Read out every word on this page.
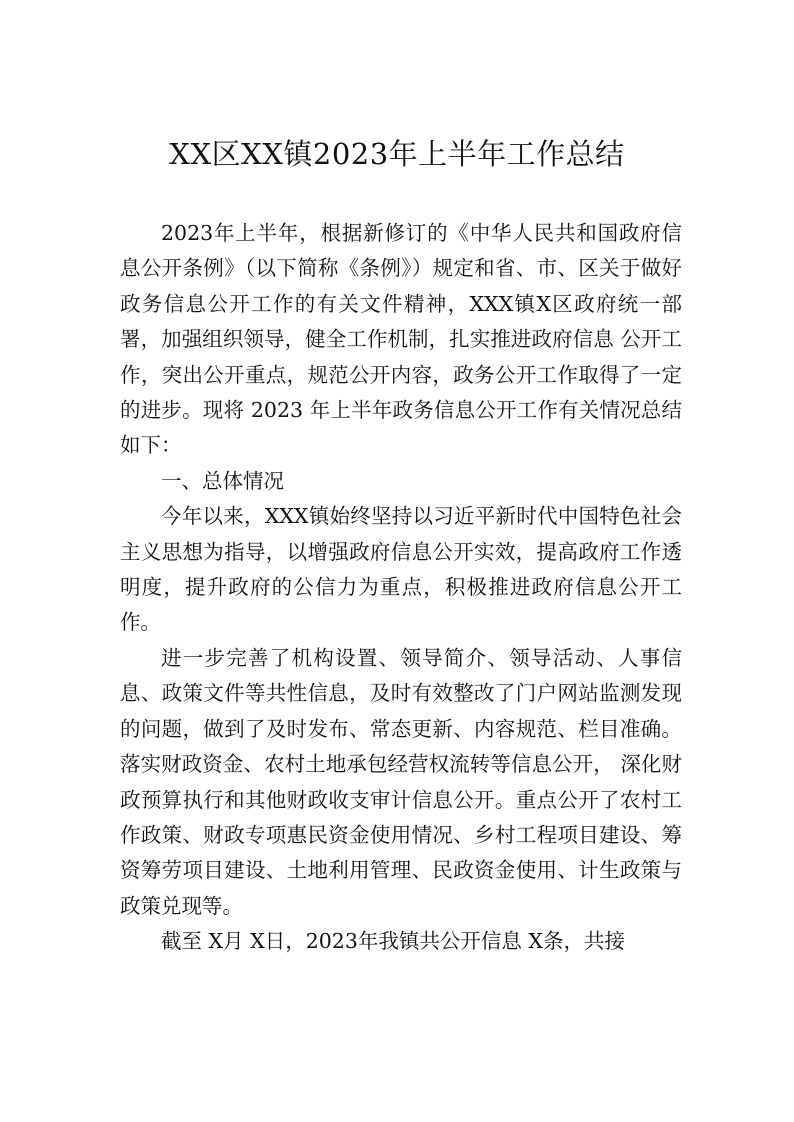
XX区XX镇2023年上半年工作总结

2023年上半年，根据新修订的《中华人民共和国政府信息公开条例》（以下简称《条例》）规定和省、市、区关于做好政务信息公开工作的有关文件精神，XXX镇X区政府统一部署，加强组织领导，健全工作机制，扎实推进政府信息 公开工作，突出公开重点，规范公开内容，政务公开工作取得了一定的进步。现将 2023 年上半年政务信息公开工作有关情况总结如下：

一、总体情况

今年以来，XXX镇始终坚持以习近平新时代中国特色社会主义思想为指导，以增强政府信息公开实效，提高政府工作透明度，提升政府的公信力为重点，积极推进政府信息公开工作。

进一步完善了机构设置、领导简介、领导活动、人事信息、政策文件等共性信息，及时有效整改了门户网站监测发现的问题，做到了及时发布、常态更新、内容规范、栏目准确。落实财政资金、农村土地承包经营权流转等信息公开， 深化财政预算执行和其他财政收支审计信息公开。重点公开了农村工作政策、财政专项惠民资金使用情况、乡村工程项目建设、筹资筹劳项目建设、土地利用管理、民政资金使用、计生政策与政策兑现等。

截至 X月 X日，2023年我镇共公开信息 X条，共接
